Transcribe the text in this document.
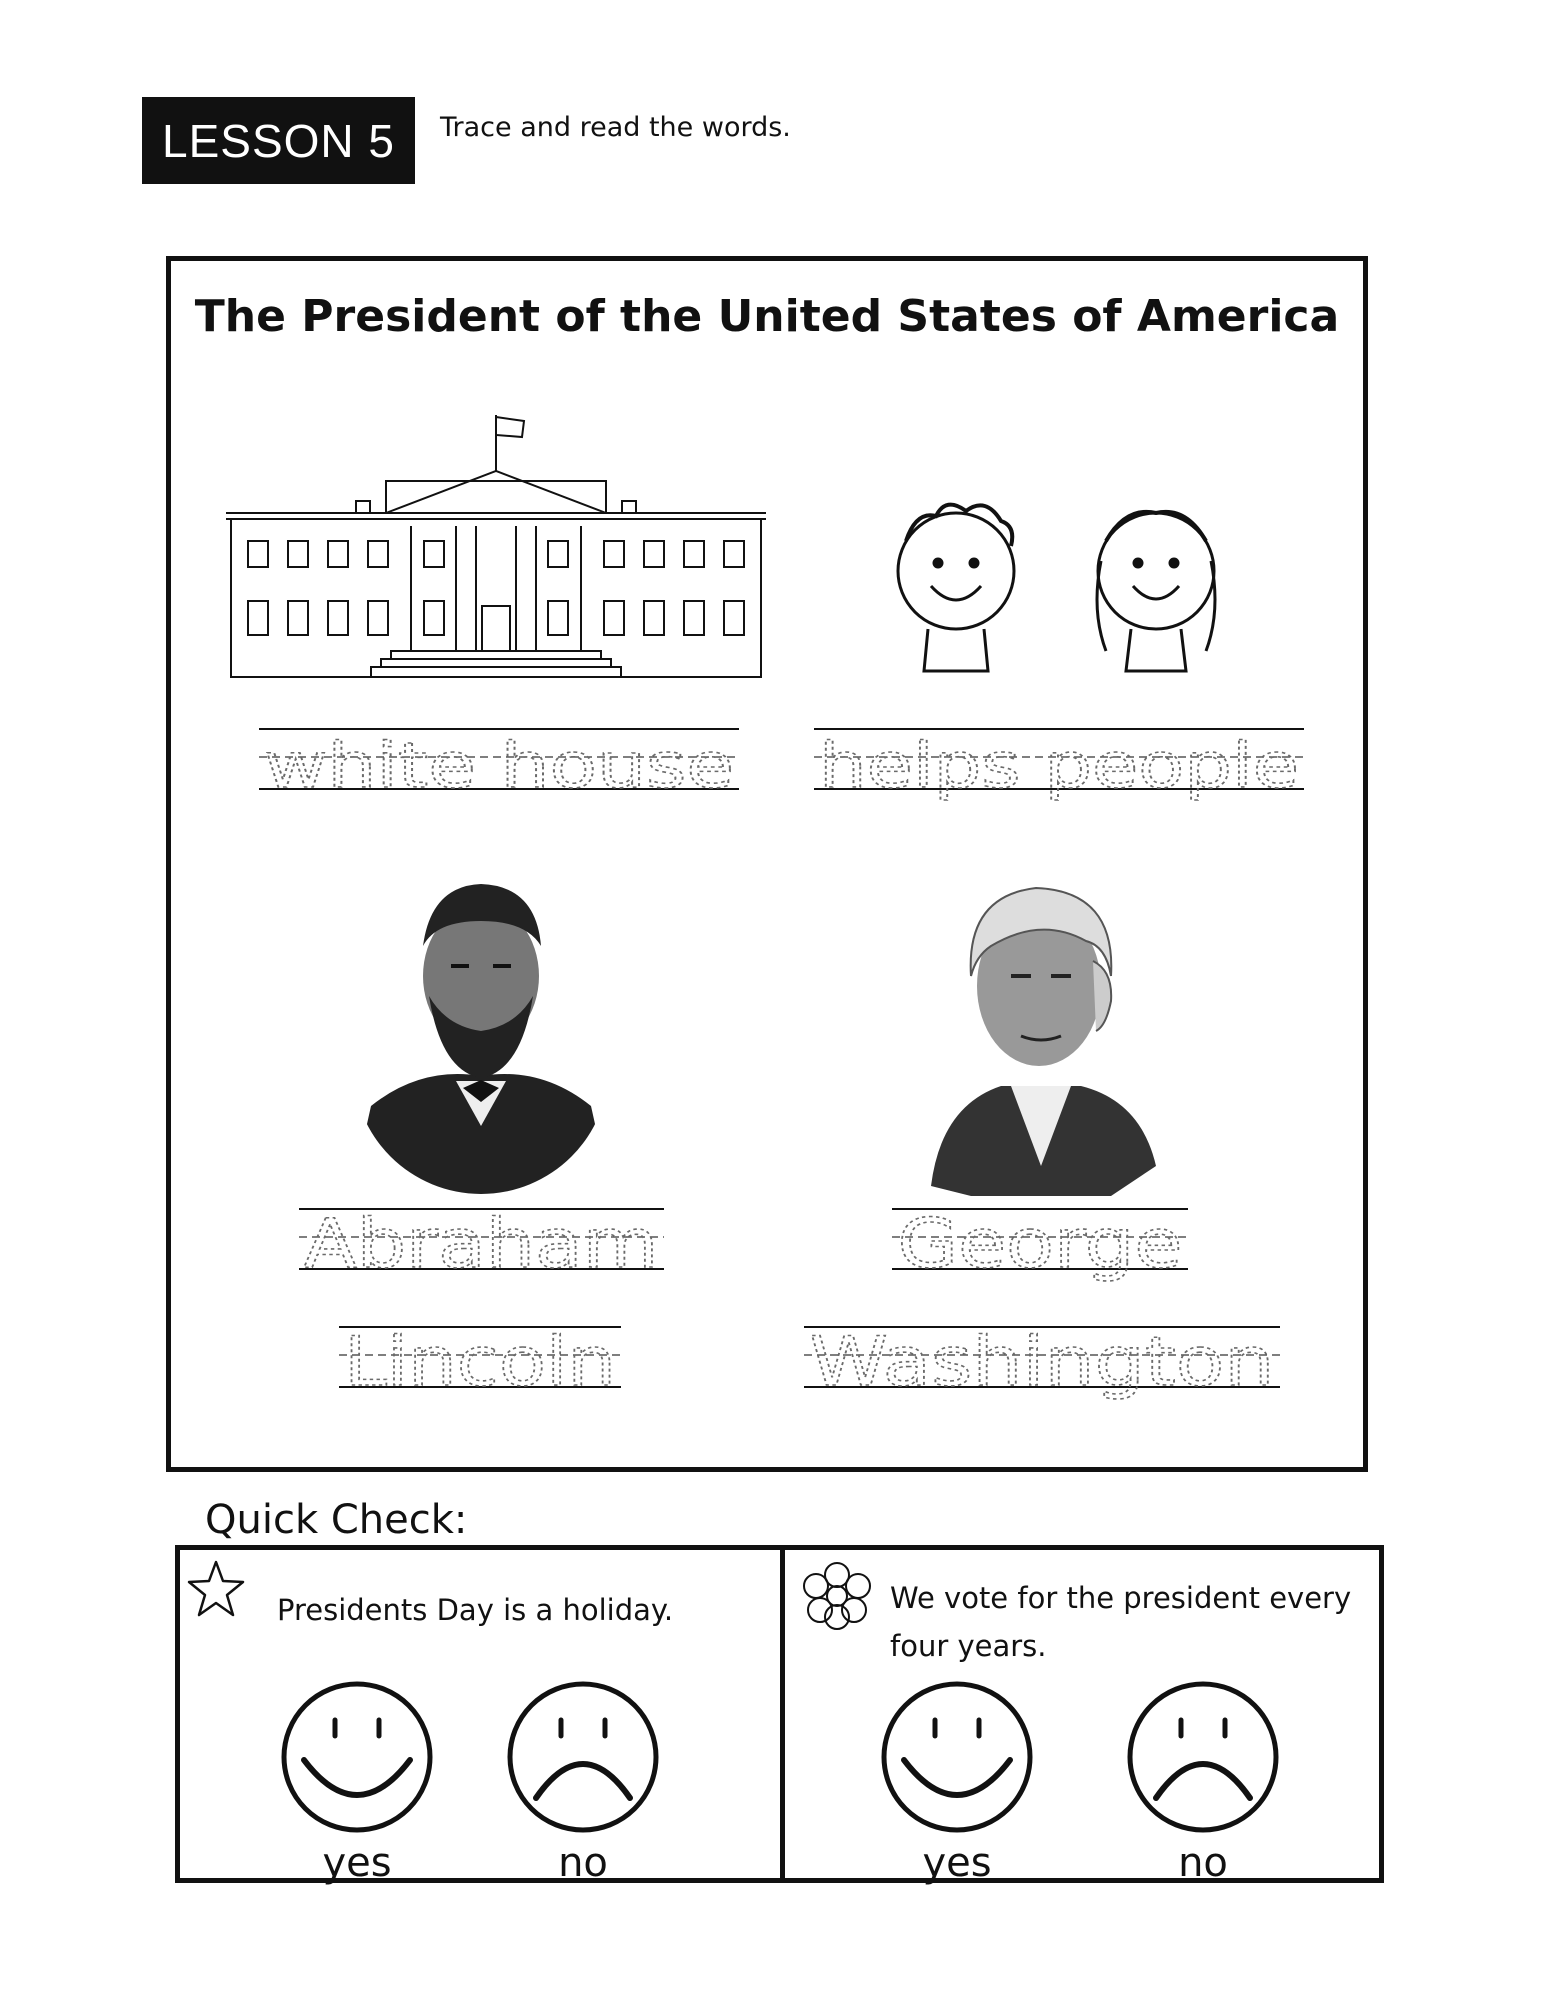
LESSON 5 Trace and read the words.
The President of the United States of America
white house helps people
Abraham	George
Lincoln	Washington
Quick Check:
Presidents Day is a holiday.
yes	no
We vote for the president every
four years.
yes	no
